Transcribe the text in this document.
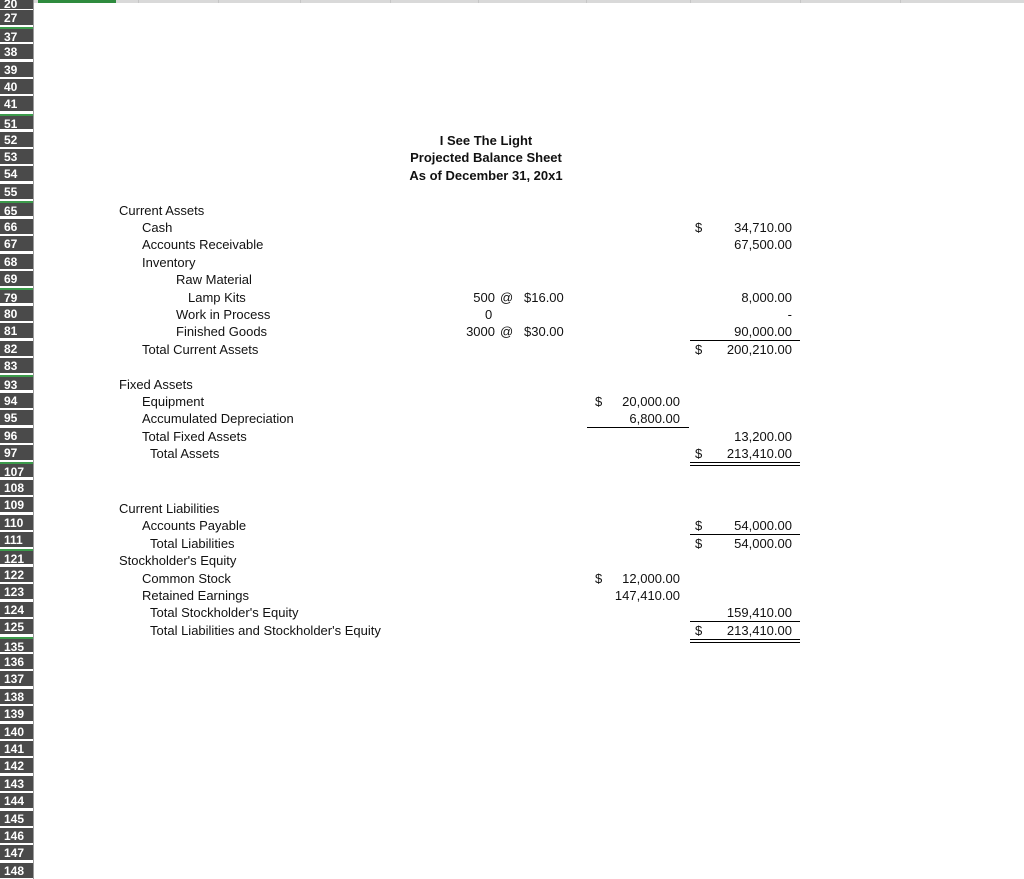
20
27
37
38
39
40
41
51
52
53
54
55
65
66
67
68
69
79
80
81
82
83
93
94
95
96
97
107
108
109
110
111
121
122
123
124
125
135
136
137
138
139
140
141
142
143
144
145
146
147
148
I See The Light
Projected Balance Sheet
As of December 31, 20x1
Current Assets
Cash	$	34,710.00
Accounts Receivable	67,500.00
Inventory
Raw Material
Lamp Kits	500 @ $16.00	8,000.00
Work in Process	0	-
Finished Goods	3000 @ $30.00	90,000.00
Total Current Assets	$	200,210.00
Fixed Assets
Equipment	$	20,000.00
Accumulated Depreciation	6,800.00
Total Fixed Assets	13,200.00
Total Assets	$	213,410.00
Current Liabilities
Accounts Payable	$	54,000.00
Total Liabilities	$	54,000.00
Stockholder's Equity
Common Stock	$	12,000.00
Retained Earnings	147,410.00
Total Stockholder's Equity	159,410.00
Total Liabilities and Stockholder's Equity	$	213,410.00
